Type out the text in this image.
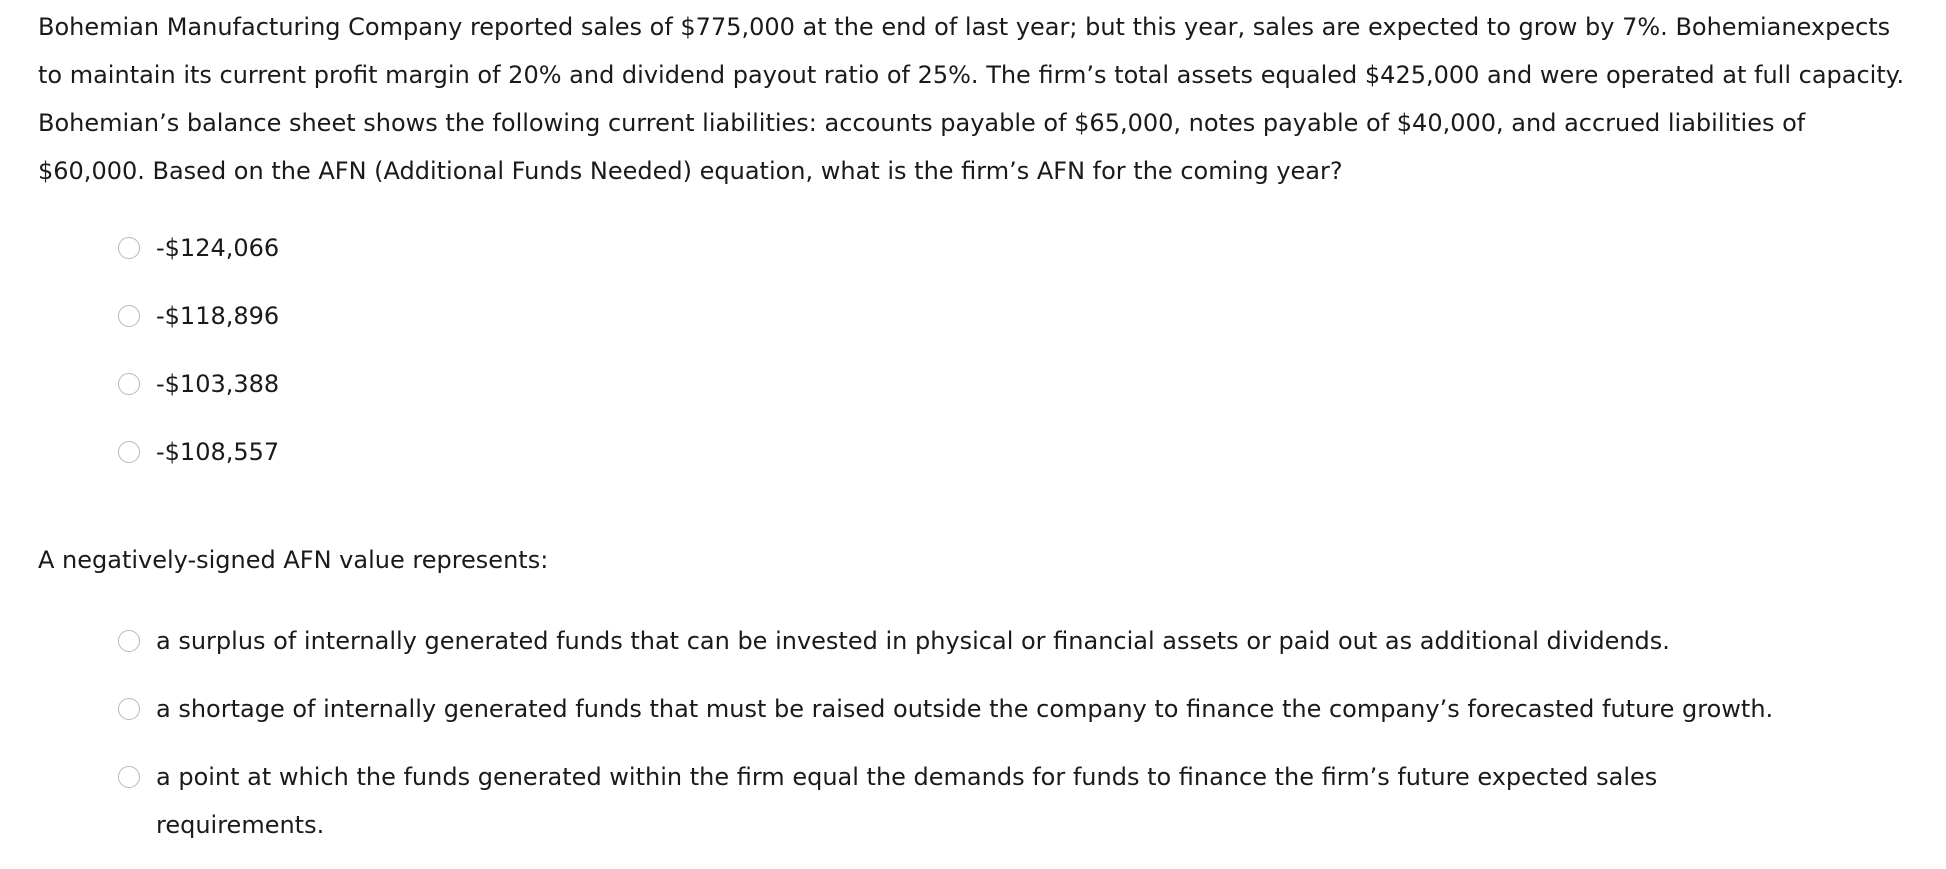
Bohemian Manufacturing Company reported sales of $775,000 at the end of last year; but this year, sales are expected to grow by 7%. Bohemianexpects to maintain its current profit margin of 20% and dividend payout ratio of 25%. The firm’s total assets equaled $425,000 and were operated at full capacity. Bohemian’s balance sheet shows the following current liabilities: accounts payable of $65,000, notes payable of $40,000, and accrued liabilities of $60,000. Based on the AFN (Additional Funds Needed) equation, what is the firm’s AFN for the coming year?

-$124,066
-$118,896
-$103,388
-$108,557

A negatively-signed AFN value represents:

a surplus of internally generated funds that can be invested in physical or financial assets or paid out as additional dividends.
a shortage of internally generated funds that must be raised outside the company to finance the company’s forecasted future growth.
a point at which the funds generated within the firm equal the demands for funds to finance the firm’s future expected sales requirements.
